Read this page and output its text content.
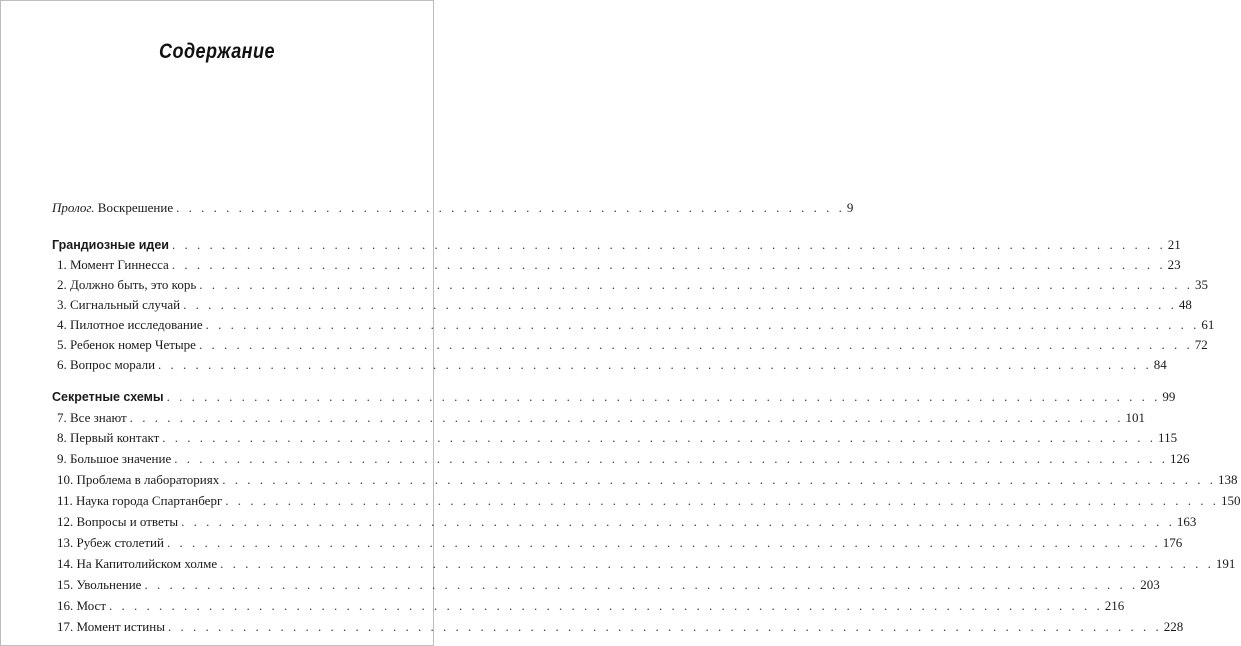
Содержание
Пролог. Воскрешение . . . . . . . . . . . . . . . . . . . . . . . . . . . . . . . . . . . . . . . . . . . . . . . . . . . . . . 9
Грандиозные идеи . . . . . . . . . . . . . . . . . . . . . . . . . . . . . . . . . . . . . . . . . . . . . . . . . . . . . . . . . . . . . . . . . . . . . . . . . . . . . . . . 21
1. Момент Гиннесса . . . . . . . . . . . . . . . . . . . . . . . . . . . . . . . . . . . . . . . . . . . . . . . . . . . . . . . . . . . . . . . . . . . . . . . . . . . . . . . . 23
2. Должно быть, это корь . . . . . . . . . . . . . . . . . . . . . . . . . . . . . . . . . . . . . . . . . . . . . . . . . . . . . . . . . . . . . . . . . . . . . . . . . . . . . . . . 35
3. Сигнальный случай . . . . . . . . . . . . . . . . . . . . . . . . . . . . . . . . . . . . . . . . . . . . . . . . . . . . . . . . . . . . . . . . . . . . . . . . . . . . . . . . 48
4. Пилотное исследование . . . . . . . . . . . . . . . . . . . . . . . . . . . . . . . . . . . . . . . . . . . . . . . . . . . . . . . . . . . . . . . . . . . . . . . . . . . . . . . . 61
5. Ребенок номер Четыре . . . . . . . . . . . . . . . . . . . . . . . . . . . . . . . . . . . . . . . . . . . . . . . . . . . . . . . . . . . . . . . . . . . . . . . . . . . . . . . . 72
6. Вопрос морали . . . . . . . . . . . . . . . . . . . . . . . . . . . . . . . . . . . . . . . . . . . . . . . . . . . . . . . . . . . . . . . . . . . . . . . . . . . . . . . . 84
Секретные схемы . . . . . . . . . . . . . . . . . . . . . . . . . . . . . . . . . . . . . . . . . . . . . . . . . . . . . . . . . . . . . . . . . . . . . . . . . . . . . . . . 99
7. Все знают . . . . . . . . . . . . . . . . . . . . . . . . . . . . . . . . . . . . . . . . . . . . . . . . . . . . . . . . . . . . . . . . . . . . . . . . . . . . . . . . 101
8. Первый контакт . . . . . . . . . . . . . . . . . . . . . . . . . . . . . . . . . . . . . . . . . . . . . . . . . . . . . . . . . . . . . . . . . . . . . . . . . . . . . . . . 115
9. Большое значение . . . . . . . . . . . . . . . . . . . . . . . . . . . . . . . . . . . . . . . . . . . . . . . . . . . . . . . . . . . . . . . . . . . . . . . . . . . . . . . . 126
10. Проблема в лабораториях . . . . . . . . . . . . . . . . . . . . . . . . . . . . . . . . . . . . . . . . . . . . . . . . . . . . . . . . . . . . . . . . . . . . . . . . . . . . . . . . 138
11. Наука города Спартанберг . . . . . . . . . . . . . . . . . . . . . . . . . . . . . . . . . . . . . . . . . . . . . . . . . . . . . . . . . . . . . . . . . . . . . . . . . . . . . . . . 150
12. Вопросы и ответы . . . . . . . . . . . . . . . . . . . . . . . . . . . . . . . . . . . . . . . . . . . . . . . . . . . . . . . . . . . . . . . . . . . . . . . . . . . . . . . . 163
13. Рубеж столетий . . . . . . . . . . . . . . . . . . . . . . . . . . . . . . . . . . . . . . . . . . . . . . . . . . . . . . . . . . . . . . . . . . . . . . . . . . . . . . . . 176
14. На Капитолийском холме . . . . . . . . . . . . . . . . . . . . . . . . . . . . . . . . . . . . . . . . . . . . . . . . . . . . . . . . . . . . . . . . . . . . . . . . . . . . . . . . 191
15. Увольнение . . . . . . . . . . . . . . . . . . . . . . . . . . . . . . . . . . . . . . . . . . . . . . . . . . . . . . . . . . . . . . . . . . . . . . . . . . . . . . . . 203
16. Мост . . . . . . . . . . . . . . . . . . . . . . . . . . . . . . . . . . . . . . . . . . . . . . . . . . . . . . . . . . . . . . . . . . . . . . . . . . . . . . . . 216
17. Момент истины . . . . . . . . . . . . . . . . . . . . . . . . . . . . . . . . . . . . . . . . . . . . . . . . . . . . . . . . . . . . . . . . . . . . . . . . . . . . . . . . 228
